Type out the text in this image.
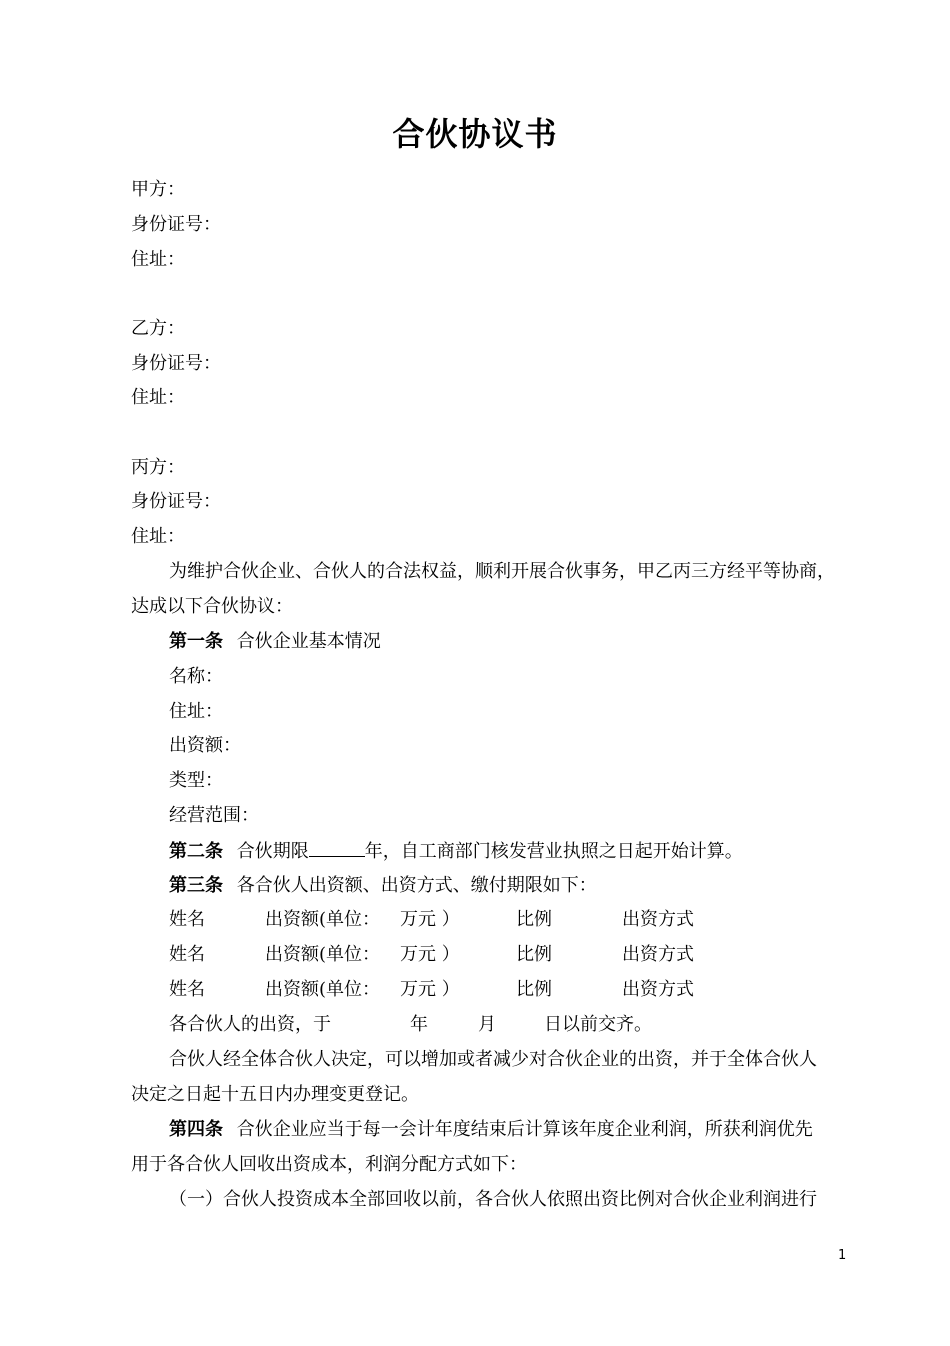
合伙协议书
甲方：
身份证号：
住址：
乙方：
身份证号：
住址：
丙方：
身份证号：
住址：
为维护合伙企业、合伙人的合法权益，顺利开展合伙事务，甲乙丙三方经平等协商，
达成以下合伙协议：
第一条 合伙企业基本情况
名称：
住址：
出资额：
类型：
经营范围：
第二条 合伙期限	年，自工商部门核发营业执照之日起开始计算。
第三条 各合伙人出资额、出资方式、缴付期限如下：
姓名	出资额(单位： 万元 ）	比例	出资方式
姓名	出资额(单位： 万元 ）	比例	出资方式
姓名	出资额(单位： 万元 ）	比例	出资方式
各合伙人的出资，于	年	月	日以前交齐。
合伙人经全体合伙人决定，可以增加或者减少对合伙企业的出资，并于全体合伙人
决定之日起十五日内办理变更登记。
第四条 合伙企业应当于每一会计年度结束后计算该年度企业利润，所获利润优先
用于各合伙人回收出资成本，利润分配方式如下：
（一）合伙人投资成本全部回收以前，各合伙人依照出资比例对合伙企业利润进行
1
